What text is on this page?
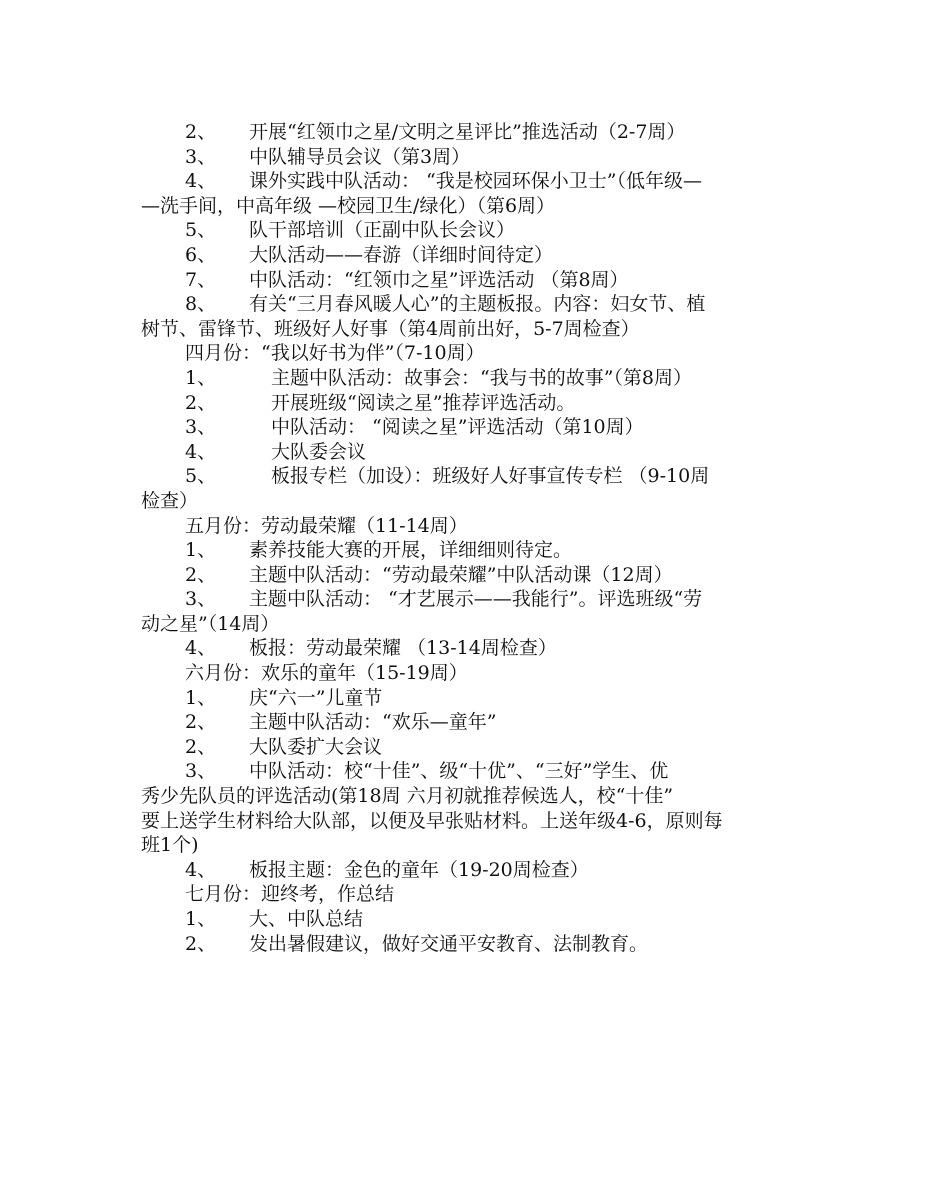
2、 开展“红领巾之星/文明之星评比”推选活动（2-7周）
3、 中队辅导员会议（第3周）
4、 课外实践中队活动： “我是校园环保小卫士”（低年级—
—洗手间，中高年级 —校园卫生/绿化）（第6周）
5、 队干部培训（正副中队长会议）
6、 大队活动——春游（详细时间待定）
7、 中队活动：“红领巾之星”评选活动 （第8周）
8、 有关“三月春风暖人心”的主题板报。内容：妇女节、植
树节、雷锋节、班级好人好事（第4周前出好，5-7周检查）
四月份：“我以好书为伴”（7-10周）
1、	主题中队活动：故事会：“我与书的故事”（第8周）
2、	开展班级“阅读之星”推荐评选活动。
3、	中队活动： “阅读之星”评选活动（第10周）
4、	大队委会议
5、	板报专栏（加设）：班级好人好事宣传专栏 （9-10周
检查）
五月份：劳动最荣耀（11-14周）
1、 素养技能大赛的开展，详细细则待定。
2、 主题中队活动：“劳动最荣耀”中队活动课（12周）
3、 主题中队活动： “才艺展示——我能行”。评选班级“劳
动之星”（14周）
4、 板报：劳动最荣耀 （13-14周检查）
六月份：欢乐的童年（15-19周）
1、 庆“六一”儿童节
2、 主题中队活动：“欢乐—童年”
2、 大队委扩大会议
3、 中队活动：校“十佳”、级“十优”、“三好”学生、优
秀少先队员的评选活动(第18周 六月初就推荐候选人，校“十佳”
要上送学生材料给大队部，以便及早张贴材料。上送年级4-6，原则每
班1个)
4、 板报主题：金色的童年（19-20周检查）
七月份：迎终考，作总结
1、 大、中队总结
2、 发出暑假建议，做好交通平安教育、法制教育。
